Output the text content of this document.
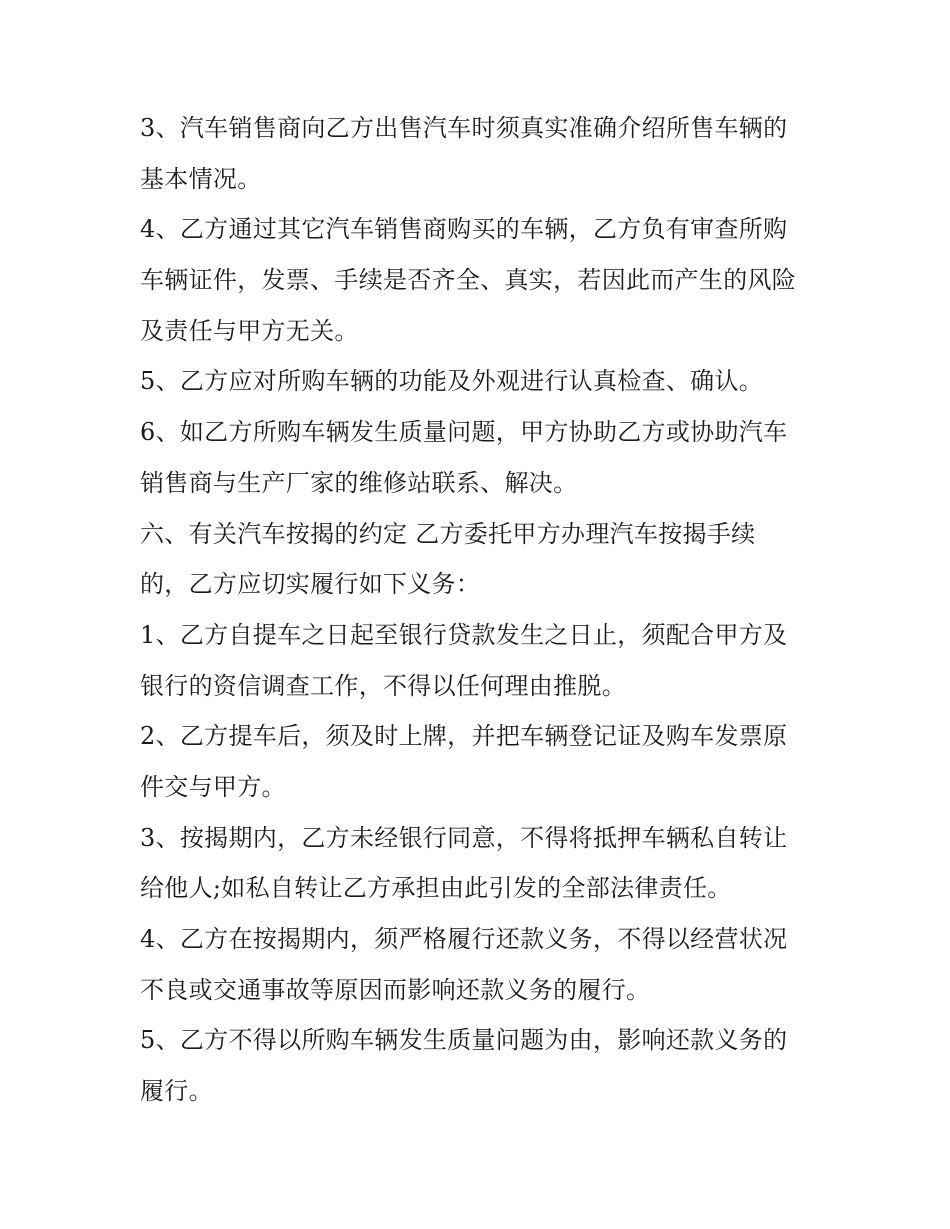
3、汽车销售商向乙方出售汽车时须真实准确介绍所售车辆的
基本情况。
4、乙方通过其它汽车销售商购买的车辆，乙方负有审查所购
车辆证件，发票、手续是否齐全、真实，若因此而产生的风险
及责任与甲方无关。
5、乙方应对所购车辆的功能及外观进行认真检查、确认。
6、如乙方所购车辆发生质量问题，甲方协助乙方或协助汽车
销售商与生产厂家的维修站联系、解决。
六、有关汽车按揭的约定 乙方委托甲方办理汽车按揭手续
的，乙方应切实履行如下义务：
1、乙方自提车之日起至银行贷款发生之日止，须配合甲方及
银行的资信调查工作，不得以任何理由推脱。
2、乙方提车后，须及时上牌，并把车辆登记证及购车发票原
件交与甲方。
3、按揭期内，乙方未经银行同意，不得将抵押车辆私自转让
给他人;如私自转让乙方承担由此引发的全部法律责任。
4、乙方在按揭期内，须严格履行还款义务，不得以经营状况
不良或交通事故等原因而影响还款义务的履行。
5、乙方不得以所购车辆发生质量问题为由，影响还款义务的
履行。
